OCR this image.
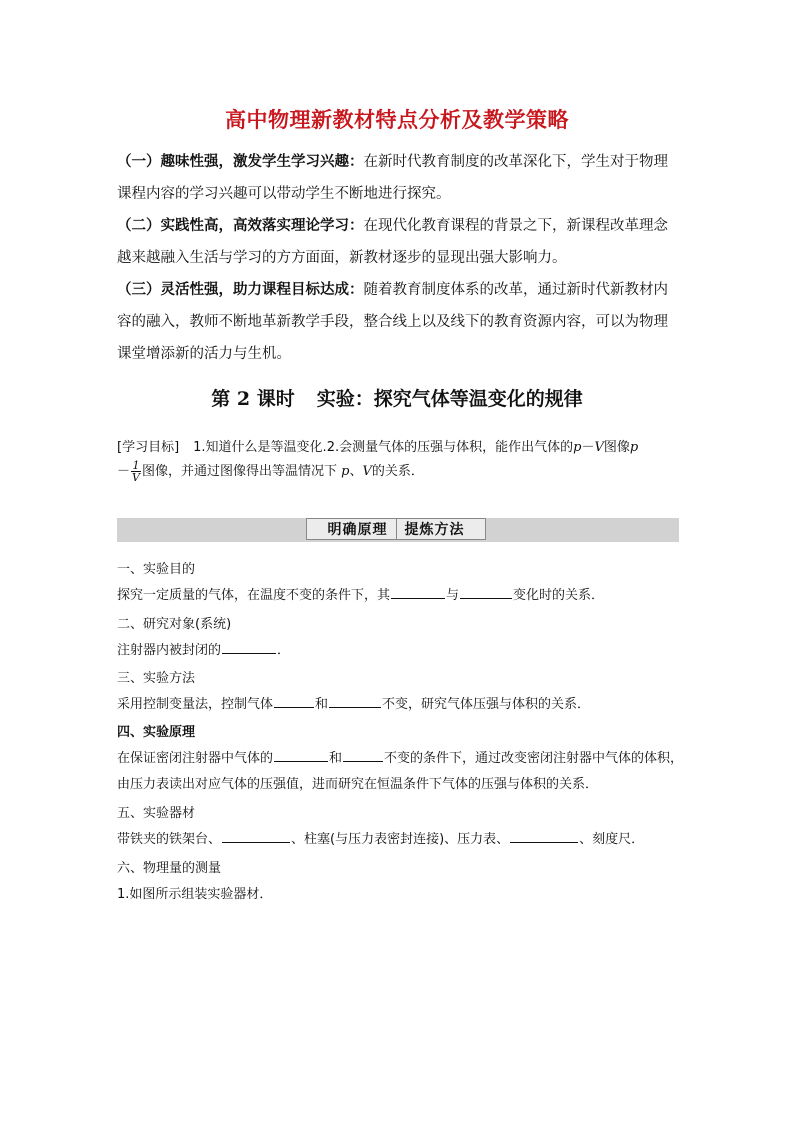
高中物理新教材特点分析及教学策略

（一）趣味性强，激发学生学习兴趣：在新时代教育制度的改革深化下，学生对于物理课程内容的学习兴趣可以带动学生不断地进行探究。

（二）实践性高，高效落实理论学习：在现代化教育课程的背景之下，新课程改革理念越来越融入生活与学习的方方面面，新教材逐步的显现出强大影响力。

（三）灵活性强，助力课程目标达成：随着教育制度体系的改革，通过新时代新教材内容的融入，教师不断地革新教学手段，整合线上以及线下的教育资源内容，可以为物理课堂增添新的活力与生机。

第 2 课时 实验：探究气体等温变化的规律
[学习目标] 1.知道什么是等温变化.2.会测量气体的压强与体积，能作出气体的p－V图像p
－ $\frac{1}{V}$ 图像，并通过图像得出等温情况下 p、V的关系．
明确原理 提炼方法
一、实验目的
探究一定质量的气体，在温度不变的条件下，其	与	变化时的关系．
二、研究对象(系统)
注射器内被封闭的	．
三、实验方法
采用控制变量法，控制气体	和	不变，研究气体压强与体积的关系．
四、实验原理
在保证密闭注射器中气体的	和	不变的条件下，通过改变密闭注射器中气体的体积，由压力表读出对应气体的压强值，进而研究在恒温条件下气体的压强与体积的关系．
五、实验器材
带铁夹的铁架台、	、柱塞(与压力表密封连接)、压力表、	、刻度尺．
六、物理量的测量
1.如图所示组装实验器材．
